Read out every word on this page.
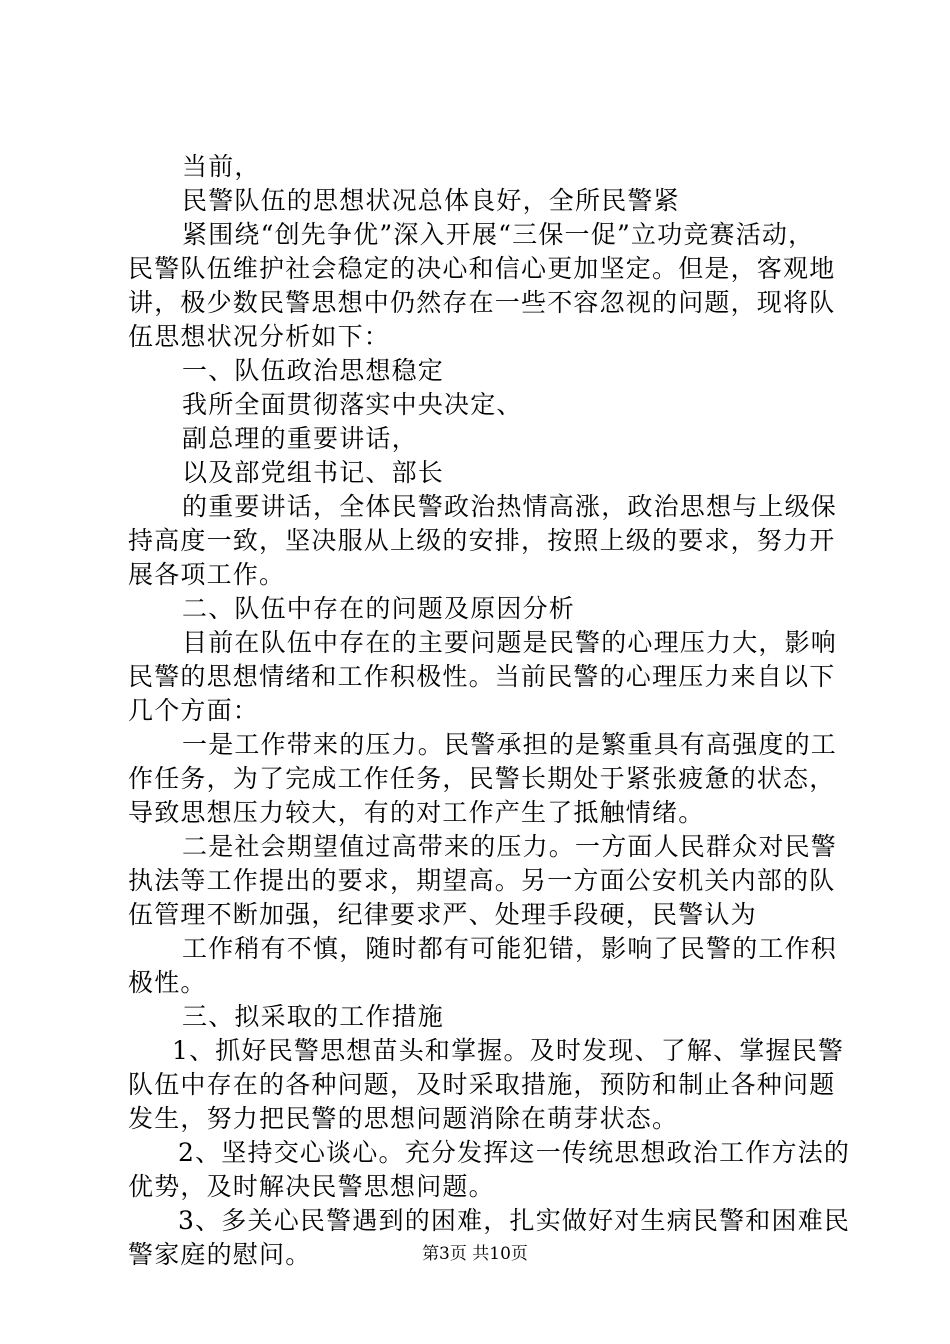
当前，
民警队伍的思想状况总体良好，全所民警紧
紧围绕“创先争优”深入开展“三保一促”立功竞赛活动，
民警队伍维护社会稳定的决心和信心更加坚定。但是，客观地
讲，极少数民警思想中仍然存在一些不容忽视的问题，现将队
伍思想状况分析如下：
一、队伍政治思想稳定
我所全面贯彻落实中央决定、
副总理的重要讲话，
以及部党组书记、部长
的重要讲话，全体民警政治热情高涨，政治思想与上级保
持高度一致，坚决服从上级的安排，按照上级的要求，努力开
展各项工作。
二、队伍中存在的问题及原因分析
目前在队伍中存在的主要问题是民警的心理压力大，影响
民警的思想情绪和工作积极性。当前民警的心理压力来自以下
几个方面：
一是工作带来的压力。民警承担的是繁重具有高强度的工
作任务，为了完成工作任务，民警长期处于紧张疲惫的状态，
导致思想压力较大，有的对工作产生了抵触情绪。
二是社会期望值过高带来的压力。一方面人民群众对民警
执法等工作提出的要求，期望高。另一方面公安机关内部的队
伍管理不断加强，纪律要求严、处理手段硬，民警认为
工作稍有不慎，随时都有可能犯错，影响了民警的工作积
极性。
三、拟采取的工作措施
1、抓好民警思想苗头和掌握。及时发现、了解、掌握民警
队伍中存在的各种问题，及时采取措施，预防和制止各种问题
发生，努力把民警的思想问题消除在萌芽状态。
2、坚持交心谈心。充分发挥这一传统思想政治工作方法的
优势，及时解决民警思想问题。
3、多关心民警遇到的困难，扎实做好对生病民警和困难民
警家庭的慰问。	第3页 共10页
